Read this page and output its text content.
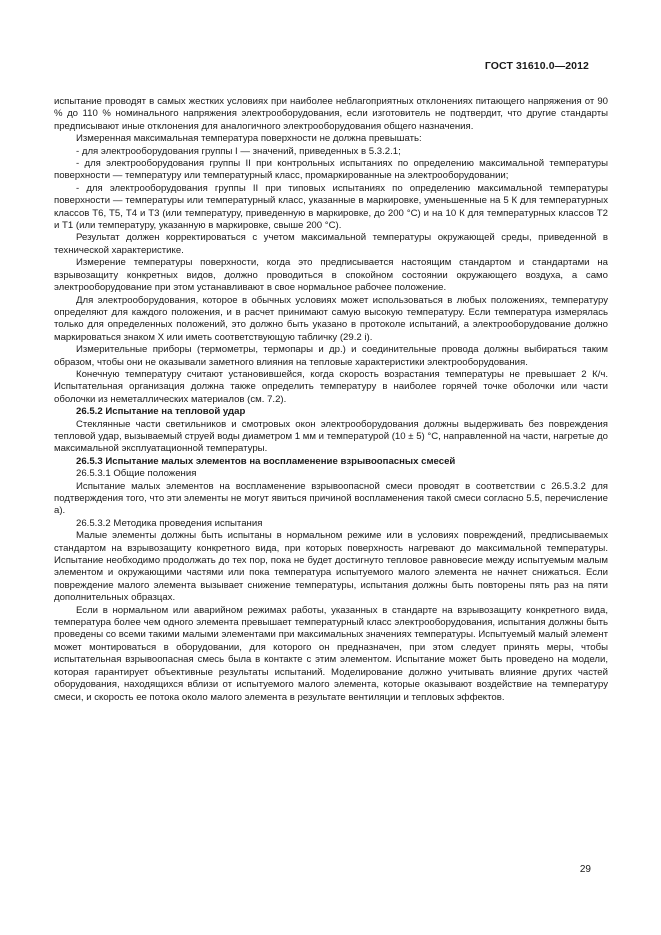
ГОСТ 31610.0—2012

испытание проводят в самых жестких условиях при наиболее неблагоприятных отклонениях питающего напряжения от 90 % до 110 % номинального напряжения электрооборудования, если изготовитель не подтвердит, что другие стандарты предписывают иные отклонения для аналогичного электрооборудования общего назначения.

Измеренная максимальная температура поверхности не должна превышать:

- для электрооборудования группы I — значений, приведенных в 5.3.2.1;

- для электрооборудования группы II при контрольных испытаниях по определению максимальной температуры поверхности — температуру или температурный класс, промаркированные на электрооборудовании;

- для электрооборудования группы II при типовых испытаниях по определению максимальной температуры поверхности — температуры или температурный класс, указанные в маркировке, уменьшенные на 5 К для температурных классов Т6, Т5, Т4 и Т3 (или температуру, приведенную в маркировке, до 200 °С) и на 10 К для температурных классов Т2 и Т1 (или температуру, указанную в маркировке, свыше 200 °С).

Результат должен корректироваться с учетом максимальной температуры окружающей среды, приведенной в технической характеристике.

Измерение температуры поверхности, когда это предписывается настоящим стандартом и стандартами на взрывозащиту конкретных видов, должно проводиться в спокойном состоянии окружающего воздуха, а само электрооборудование при этом устанавливают в свое нормальное рабочее положение.

Для электрооборудования, которое в обычных условиях может использоваться в любых положениях, температуру определяют для каждого положения, и в расчет принимают самую высокую температуру. Если температура измерялась только для определенных положений, это должно быть указано в протоколе испытаний, а электрооборудование должно маркироваться знаком X или иметь соответствующую табличку (29.2 i).

Измерительные приборы (термометры, термопары и др.) и соединительные провода должны выбираться таким образом, чтобы они не оказывали заметного влияния на тепловые характеристики электрооборудования.

Конечную температуру считают установившейся, когда скорость возрастания температуры не превышает 2 К/ч. Испытательная организация должна также определить температуру в наиболее горячей точке оболочки или части оболочки из неметаллических материалов (см. 7.2).

26.5.2 Испытание на тепловой удар

Стеклянные части светильников и смотровых окон электрооборудования должны выдерживать без повреждения тепловой удар, вызываемый струей воды диаметром 1 мм и температурой (10 ± 5) °С, направленной на части, нагретые до максимальной эксплуатационной температуры.

26.5.3 Испытание малых элементов на воспламенение взрывоопасных смесей

26.5.3.1 Общие положения

Испытание малых элементов на воспламенение взрывоопасной смеси проводят в соответствии с 26.5.3.2 для подтверждения того, что эти элементы не могут явиться причиной воспламенения такой смеси согласно 5.5, перечисление а).

26.5.3.2 Методика проведения испытания

Малые элементы должны быть испытаны в нормальном режиме или в условиях повреждений, предписываемых стандартом на взрывозащиту конкретного вида, при которых поверхность нагревают до максимальной температуры. Испытание необходимо продолжать до тех пор, пока не будет достигнуто тепловое равновесие между испытуемым малым элементом и окружающими частями или пока температура испытуемого малого элемента не начнет снижаться. Если повреждение малого элемента вызывает снижение температуры, испытания должны быть повторены пять раз на пяти дополнительных образцах.

Если в нормальном или аварийном режимах работы, указанных в стандарте на взрывозащиту конкретного вида, температура более чем одного элемента превышает температурный класс электрооборудования, испытания должны быть проведены со всеми такими малыми элементами при максимальных значениях температуры. Испытуемый малый элемент может монтироваться в оборудовании, для которого он предназначен, при этом следует принять меры, чтобы испытательная взрывоопасная смесь была в контакте с этим элементом. Испытание может быть проведено на модели, которая гарантирует объективные результаты испытаний. Моделирование должно учитывать влияние других частей оборудования, находящихся вблизи от испытуемого малого элемента, которые оказывают воздействие на температуру смеси, и скорость ее потока около малого элемента в результате вентиляции и тепловых эффектов.

29
